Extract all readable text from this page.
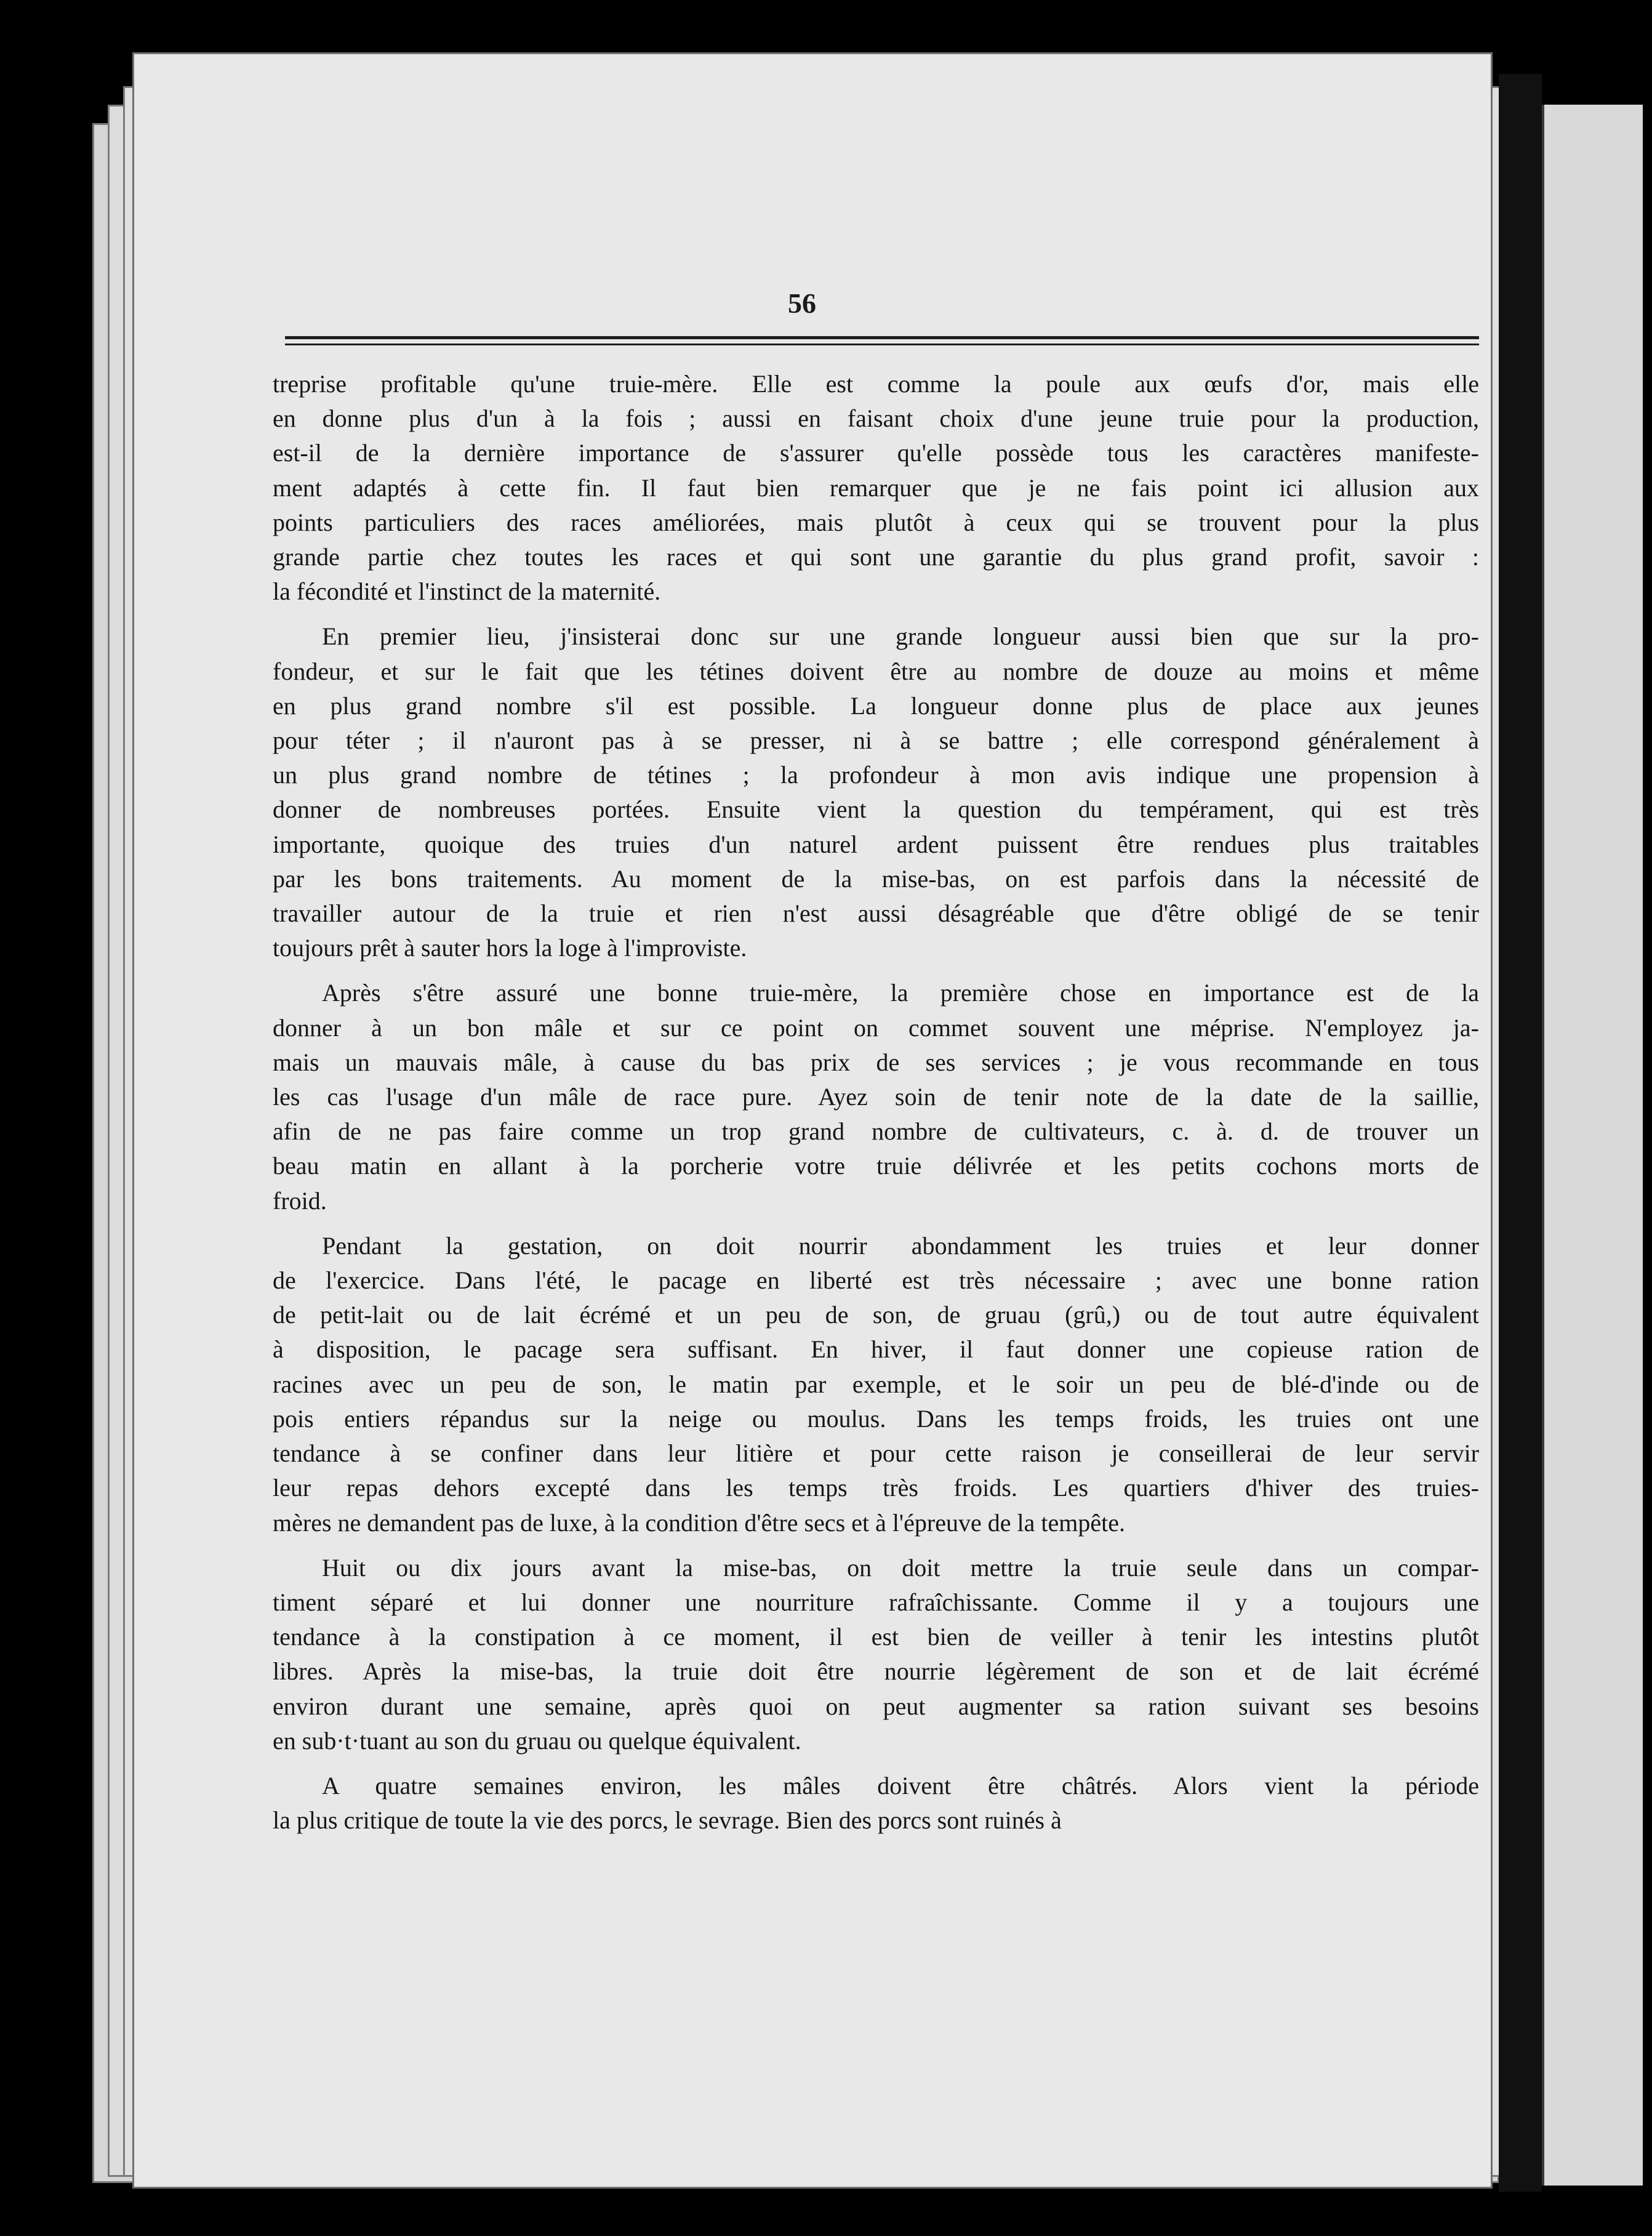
56
treprise profitable qu'une truie-mère. Elle est comme la poule aux œufs d'or, mais elle
en donne plus d'un à la fois ; aussi en faisant choix d'une jeune truie pour la production,
est-il de la dernière importance de s'assurer qu'elle possède tous les caractères manifeste-
ment adaptés à cette fin. Il faut bien remarquer que je ne fais point ici allusion aux
points particuliers des races améliorées, mais plutôt à ceux qui se trouvent pour la plus
grande partie chez toutes les races et qui sont une garantie du plus grand profit, savoir :
la fécondité et l'instinct de la maternité.
En premier lieu, j'insisterai donc sur une grande longueur aussi bien que sur la pro-
fondeur, et sur le fait que les tétines doivent être au nombre de douze au moins et même
en plus grand nombre s'il est possible. La longueur donne plus de place aux jeunes
pour téter ; il n'auront pas à se presser, ni à se battre ; elle correspond généralement à
un plus grand nombre de tétines ; la profondeur à mon avis indique une propension à
donner de nombreuses portées. Ensuite vient la question du tempérament, qui est très
importante, quoique des truies d'un naturel ardent puissent être rendues plus traitables
par les bons traitements. Au moment de la mise-bas, on est parfois dans la nécessité de
travailler autour de la truie et rien n'est aussi désagréable que d'être obligé de se tenir
toujours prêt à sauter hors la loge à l'improviste.
Après s'être assuré une bonne truie-mère, la première chose en importance est de la
donner à un bon mâle et sur ce point on commet souvent une méprise. N'employez ja-
mais un mauvais mâle, à cause du bas prix de ses services ; je vous recommande en tous
les cas l'usage d'un mâle de race pure. Ayez soin de tenir note de la date de la saillie,
afin de ne pas faire comme un trop grand nombre de cultivateurs, c. à. d. de trouver un
beau matin en allant à la porcherie votre truie délivrée et les petits cochons morts de
froid.
Pendant la gestation, on doit nourrir abondamment les truies et leur donner
de l'exercice. Dans l'été, le pacage en liberté est très nécessaire ; avec une bonne ration
de petit-lait ou de lait écrémé et un peu de son, de gruau (grû,) ou de tout autre équivalent
à disposition, le pacage sera suffisant. En hiver, il faut donner une copieuse ration de
racines avec un peu de son, le matin par exemple, et le soir un peu de blé-d'inde ou de
pois entiers répandus sur la neige ou moulus. Dans les temps froids, les truies ont une
tendance à se confiner dans leur litière et pour cette raison je conseillerai de leur servir
leur repas dehors excepté dans les temps très froids. Les quartiers d'hiver des truies-
mères ne demandent pas de luxe, à la condition d'être secs et à l'épreuve de la tempête.
Huit ou dix jours avant la mise-bas, on doit mettre la truie seule dans un compar-
timent séparé et lui donner une nourriture rafraîchissante. Comme il y a toujours une
tendance à la constipation à ce moment, il est bien de veiller à tenir les intestins plutôt
libres. Après la mise-bas, la truie doit être nourrie légèrement de son et de lait écrémé
environ durant une semaine, après quoi on peut augmenter sa ration suivant ses besoins
en sub·t·tuant au son du gruau ou quelque équivalent.
A quatre semaines environ, les mâles doivent être châtrés. Alors vient la période
la plus critique de toute la vie des porcs, le sevrage. Bien des porcs sont ruinés à
